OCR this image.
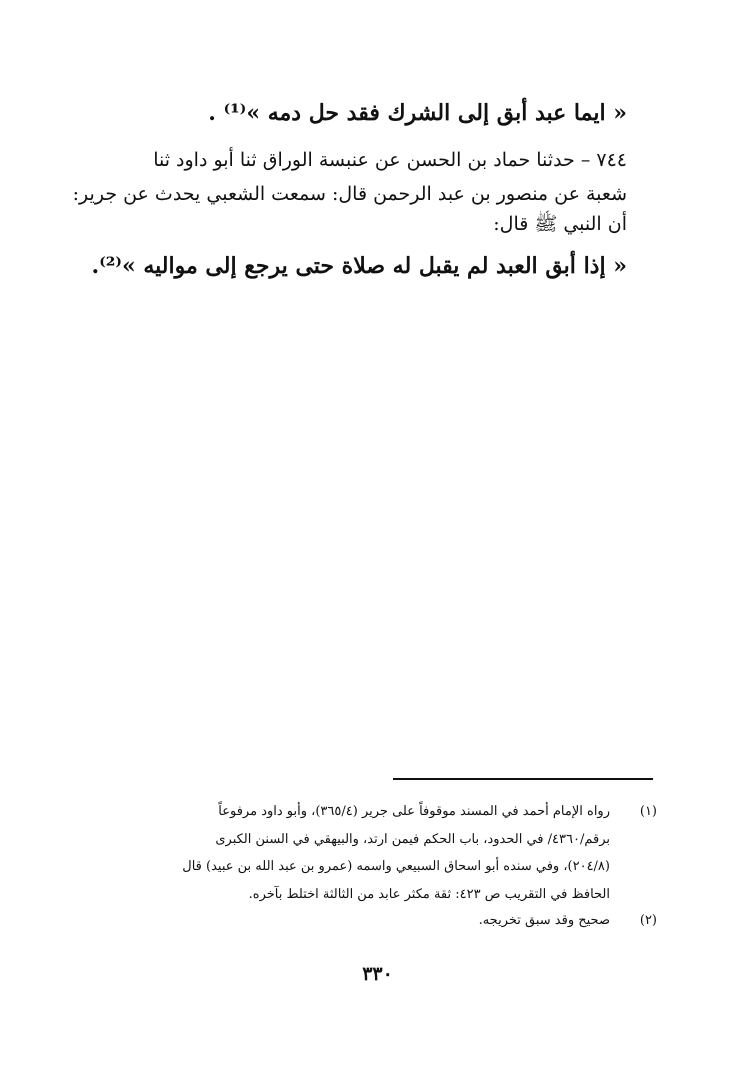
« ايما عبد أبق إلى الشرك فقد حل دمه »⁽¹⁾ .
٧٤٤ – حدثنا حماد بن الحسن عن عنبسة الوراق ثنا أبو داود ثنا
شعبة عن منصور بن عبد الرحمن قال: سمعت الشعبي يحدث عن جرير:
أن النبي ﷺ قال:
« إذا أبق العبد لم يقبل له صلاة حتى يرجع إلى مواليه »⁽²⁾.
(١)
رواه الإمام أحمد في المسند موقوفاً على جرير (٣٦٥/٤)، وأبو داود مرفوعاً
برقم/٤٣٦٠/ في الحدود، باب الحكم فيمن ارتد، والبيهقي في السنن الكبرى
(٢٠٤/٨)، وفي سنده أبو اسحاق السبيعي واسمه (عمرو بن عبد الله بن عبيد) قال
الحافظ في التقريب ص ٤٢٣: ثقة مكثر عابد من الثالثة اختلط بآخره.
(٢)
صحيح وقد سبق تخريجه.
٣٣٠
